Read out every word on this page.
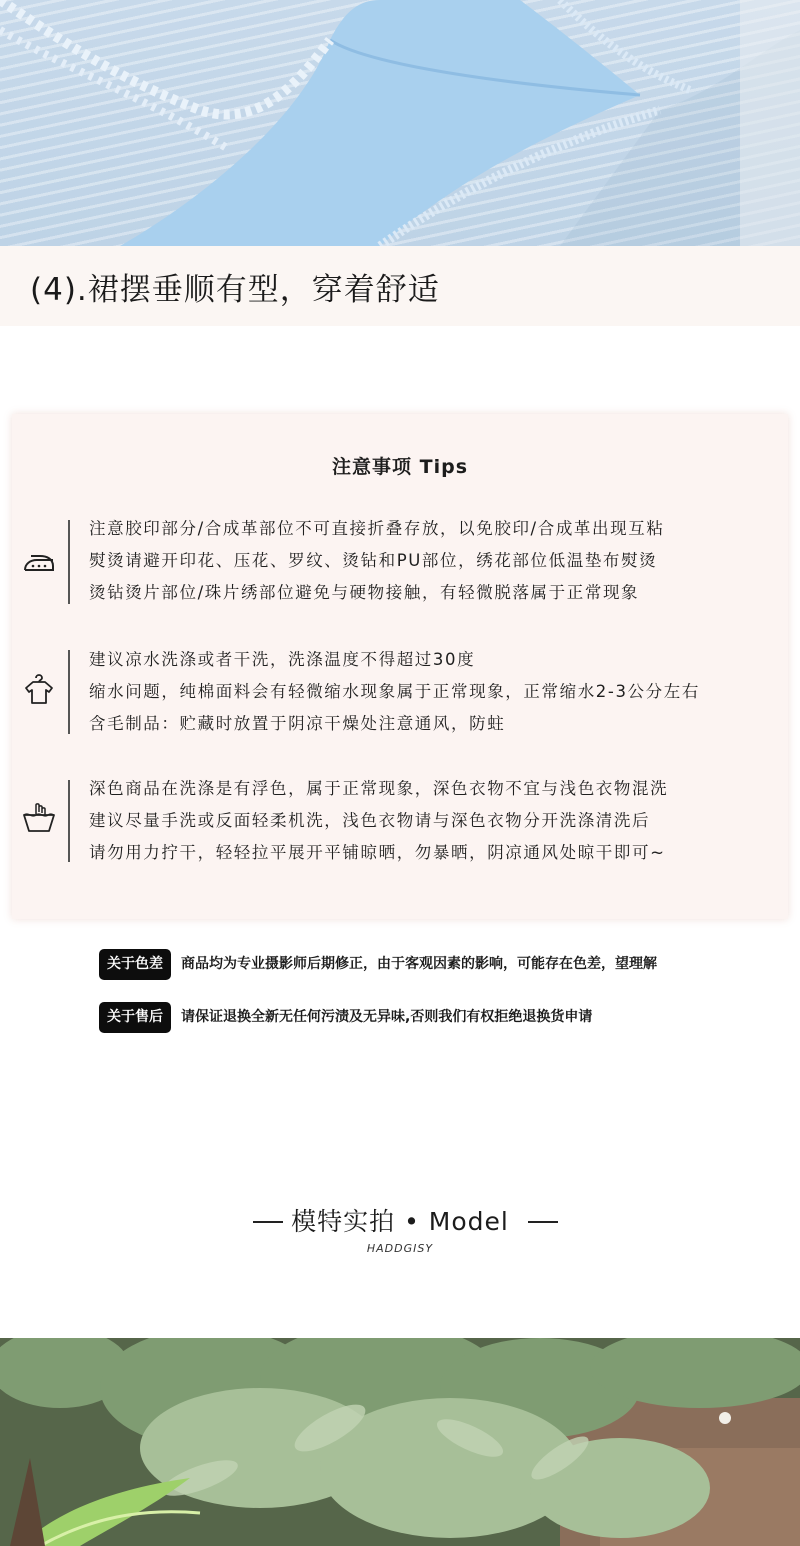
(4).裙摆垂顺有型，穿着舒适
注意事项 Tips
注意胶印部分/合成革部位不可直接折叠存放，以免胶印/合成革出现互粘
熨烫请避开印花、压花、罗纹、烫钻和PU部位，绣花部位低温垫布熨烫
烫钻烫片部位/珠片绣部位避免与硬物接触，有轻微脱落属于正常现象
建议凉水洗涤或者干洗，洗涤温度不得超过30度
缩水问题，纯棉面料会有轻微缩水现象属于正常现象，正常缩水2-3公分左右
含毛制品：贮藏时放置于阴凉干燥处注意通风，防蛀
深色商品在洗涤是有浮色，属于正常现象，深色衣物不宜与浅色衣物混洗
建议尽量手洗或反面轻柔机洗，浅色衣物请与深色衣物分开洗涤清洗后
请勿用力拧干，轻轻拉平展开平铺晾晒，勿暴晒，阴凉通风处晾干即可~
关于色差	商品均为专业摄影师后期修正，由于客观因素的影响，可能存在色差，望理解
关于售后	请保证退换全新无任何污渍及无异味,否则我们有权拒绝退换货申请
模特实拍 • Model
HADDGISY
